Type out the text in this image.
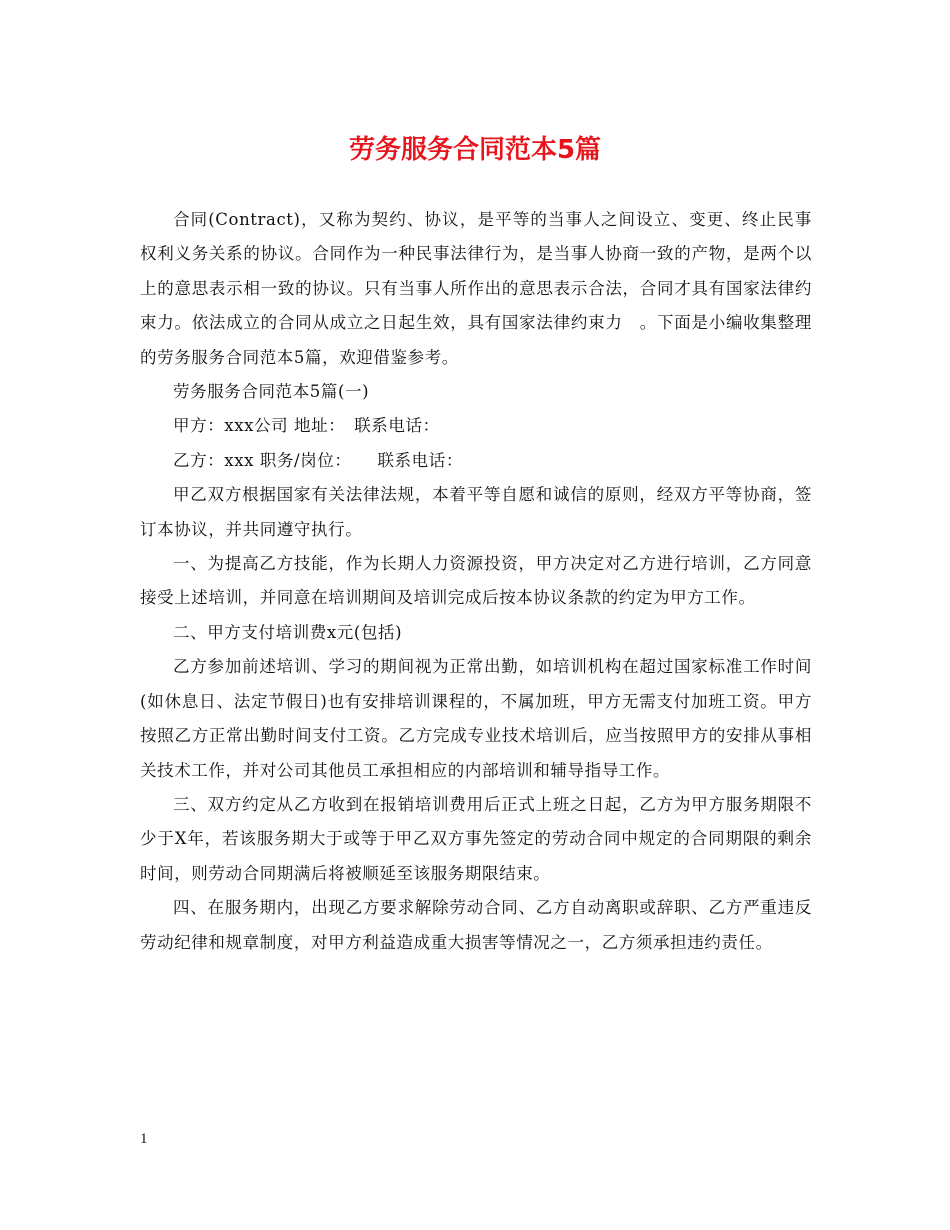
劳务服务合同范本5篇

合同(Contract)，又称为契约、协议，是平等的当事人之间设立、变更、终止民事权利义务关系的协议。合同作为一种民事法律行为，是当事人协商一致的产物，是两个以上的意思表示相一致的协议。只有当事人所作出的意思表示合法，合同才具有国家法律约束力。依法成立的合同从成立之日起生效，具有国家法律约束力　。下面是小编收集整理的劳务服务合同范本5篇，欢迎借鉴参考。

劳务服务合同范本5篇(一)

甲方：xxx公司 地址：　联系电话：

乙方：xxx 职务/岗位：　　联系电话：

甲乙双方根据国家有关法律法规，本着平等自愿和诚信的原则，经双方平等协商，签订本协议，并共同遵守执行。

一、为提高乙方技能，作为长期人力资源投资，甲方决定对乙方进行培训，乙方同意接受上述培训，并同意在培训期间及培训完成后按本协议条款的约定为甲方工作。

二、甲方支付培训费x元(包括)

乙方参加前述培训、学习的期间视为正常出勤，如培训机构在超过国家标准工作时间(如休息日、法定节假日)也有安排培训课程的，不属加班，甲方无需支付加班工资。甲方按照乙方正常出勤时间支付工资。乙方完成专业技术培训后，应当按照甲方的安排从事相关技术工作，并对公司其他员工承担相应的内部培训和辅导指导工作。

三、双方约定从乙方收到在报销培训费用后正式上班之日起，乙方为甲方服务期限不少于X年，若该服务期大于或等于甲乙双方事先签定的劳动合同中规定的合同期限的剩余时间，则劳动合同期满后将被顺延至该服务期限结束。

四、在服务期内，出现乙方要求解除劳动合同、乙方自动离职或辞职、乙方严重违反劳动纪律和规章制度，对甲方利益造成重大损害等情况之一，乙方须承担违约责任。

1
